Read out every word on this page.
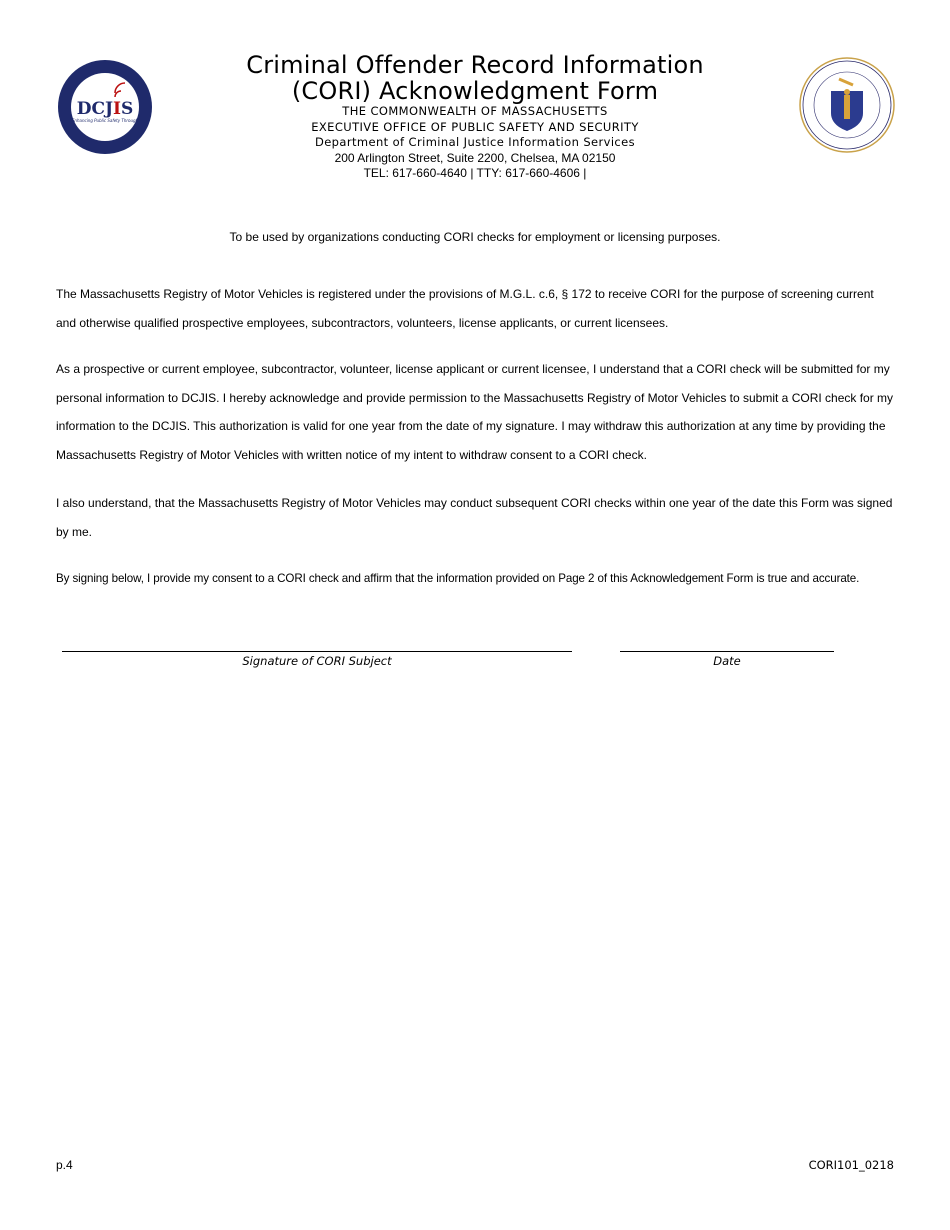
DCJIS
Enhancing Public Safety Through
Criminal Offender Record Information
(CORI) Acknowledgment Form
THE COMMONWEALTH OF MASSACHUSETTS
EXECUTIVE OFFICE OF PUBLIC SAFETY AND SECURITY
Department of Criminal Justice Information Services
200 Arlington Street, Suite 2200, Chelsea, MA 02150
TEL: 617-660-4640 | TTY: 617-660-4606 |
To be used by organizations conducting CORI checks for employment or licensing purposes.
The Massachusetts Registry of Motor Vehicles is registered under the provisions of M.G.L. c.6, § 172 to receive CORI for the purpose of screening current and otherwise qualified prospective employees, subcontractors, volunteers, license applicants, or current licensees.
As a prospective or current employee, subcontractor, volunteer, license applicant or current licensee, I understand that a CORI check will be submitted for my personal information to DCJIS. I hereby acknowledge and provide permission to the Massachusetts Registry of Motor Vehicles to submit a CORI check for my information to the DCJIS. This authorization is valid for one year from the date of my signature. I may withdraw this authorization at any time by providing the Massachusetts Registry of Motor Vehicles with written notice of my intent to withdraw consent to a CORI check.
I also understand, that the Massachusetts Registry of Motor Vehicles may conduct subsequent CORI checks within one year of the date this Form was signed by me.
By signing below, I provide my consent to a CORI check and affirm that the information provided on Page 2 of this Acknowledgement Form is true and accurate.
Signature of CORI Subject	Date
p.4	CORI101_0218
